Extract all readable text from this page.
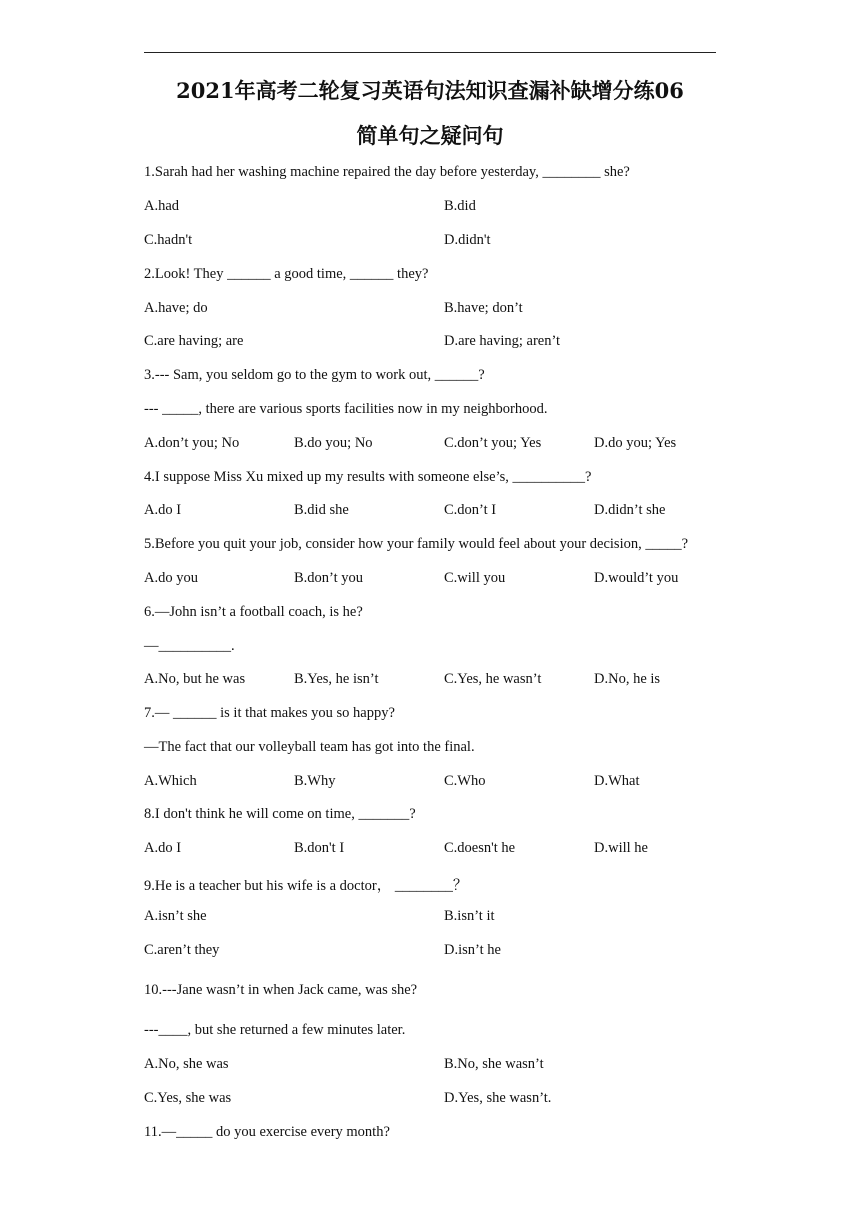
2021年高考二轮复习英语句法知识查漏补缺增分练06
简单句之疑问句
1.Sarah had her washing machine repaired the day before yesterday, ________ she?
A.had	B.did
C.hadn't	D.didn't
2.Look! They ______ a good time, ______ they?
A.have; do	B.have; don’t
C.are having; are	D.are having; aren’t
3.--- Sam, you seldom go to the gym to work out, ______?
--- _____, there are various sports facilities now in my neighborhood.
A.don’t you; No	B.do you; No	C.don’t you; Yes	D.do you; Yes
4.I suppose Miss Xu mixed up my results with someone else’s, __________?
A.do I	B.did she	C.don’t I	D.didn’t she
5.Before you quit your job, consider how your family would feel about your decision, _____?
A.do you	B.don’t you	C.will you	D.would’t you
6.—John isn’t a football coach, is he?
—__________.
A.No, but he was	B.Yes, he isn’t	C.Yes, he wasn’t	D.No, he is
7.— ______ is it that makes you so happy?
—The fact that our volleyball team has got into the final.
A.Which	B.Why	C.Who	D.What
8.I don't think he will come on time, _______?
A.do I	B.don't I	C.doesn't he	D.will he
9.He is a teacher but his wife is a doctor， ________？
A.isn’t she	B.isn’t it
C.aren’t they	D.isn’t he
10.---Jane wasn’t in when Jack came, was she?
---____, but she returned a few minutes later.
A.No, she was	B.No, she wasn’t
C.Yes, she was	D.Yes, she wasn’t.
11.—_____ do you exercise every month?
